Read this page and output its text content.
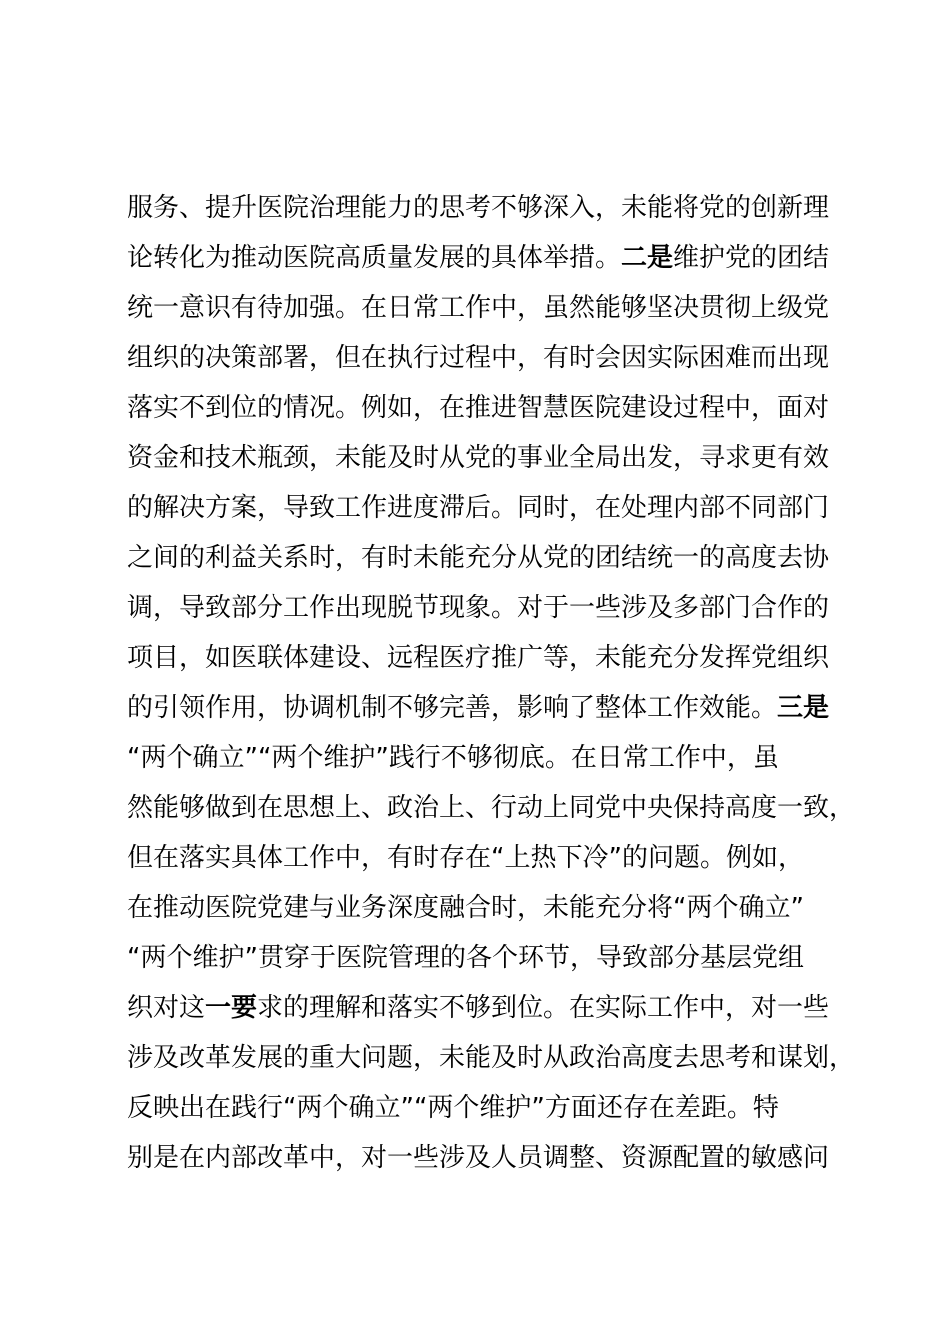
服务、提升医院治理能力的思考不够深入，未能将党的创新理
论转化为推动医院高质量发展的具体举措。二是维护党的团结
统一意识有待加强。在日常工作中，虽然能够坚决贯彻上级党
组织的决策部署，但在执行过程中，有时会因实际困难而出现
落实不到位的情况。例如，在推进智慧医院建设过程中，面对
资金和技术瓶颈，未能及时从党的事业全局出发，寻求更有效
的解决方案，导致工作进度滞后。同时，在处理内部不同部门
之间的利益关系时，有时未能充分从党的团结统一的高度去协
调，导致部分工作出现脱节现象。对于一些涉及多部门合作的
项目，如医联体建设、远程医疗推广等，未能充分发挥党组织
的引领作用，协调机制不够完善，影响了整体工作效能。三是
“两个确立”“两个维护”践行不够彻底。在日常工作中，虽
然能够做到在思想上、政治上、行动上同党中央保持高度一致，
但在落实具体工作中，有时存在“上热下冷”的问题。例如，
在推动医院党建与业务深度融合时，未能充分将“两个确立”
“两个维护”贯穿于医院管理的各个环节，导致部分基层党组
织对这一要求的理解和落实不够到位。在实际工作中，对一些
涉及改革发展的重大问题，未能及时从政治高度去思考和谋划，
反映出在践行“两个确立”“两个维护”方面还存在差距。特
别是在内部改革中，对一些涉及人员调整、资源配置的敏感问
